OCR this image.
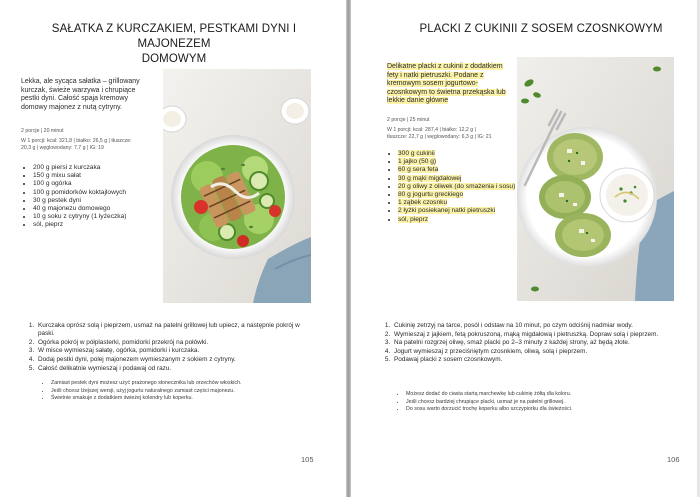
SAŁATKA Z KURCZAKIEM, PESTKAMI DYNI I MAJONEZEM
DOMOWYM
Lekka, ale sycąca sałatka – grillowany kurczak, świeże warzywa i chrupiące pestki dyni. Całość spaja kremowy domowy majonez z nutą cytryny.
2 porcje | 20 minut
W 1 porcji: kcal: 321,8 | białko: 26,5 g | tłuszcze:
20,3 g | węglowodany: 7,7 g | IG: 19
• 200 g piersi z kurczaka
• 150 g mixu sałat
• 100 g ogórka
• 100 g pomidorków koktajlowych
• 30 g pestek dyni
• 40 g majonezu domowego
• 10 g soku z cytryny (1 łyżeczka)
• sól, pieprz
1. Kurczaka oprósz solą i pieprzem, usmaż na patelni grillowej lub upiecz, a następnie pokrój w paski.
2. Ogórka pokrój w półplasterki, pomidorki przekrój na połówki.
3. W misce wymieszaj sałatę, ogórka, pomidorki i kurczaka.
4. Dodaj pestki dyni, polej majonezem wymieszanym z sokiem z cytryny.
5. Całość delikatnie wymieszaj i podawaj od razu.
• Zamiast pestek dyni możesz użyć prażonego słonecznika lub orzechów włoskich.
• Jeśli chcesz lżejszej wersji, użyj jogurtu naturalnego zamiast części majonezu.
• Świetnie smakuje z dodatkiem świeżej kolendry lub koperku.
105
PLACKI Z CUKINII Z SOSEM CZOSNKOWYM
Delikatne placki z cukinii z dodatkiem fety i natki pietruszki. Podane z kremowym sosem jogurtowo-czosnkowym to świetna przekąska lub lekkie danie główne
2 porcje | 25 minut
W 1 porcji: kcal: 287,4 | białko: 12,2 g |
tłuszcze: 22,7 g | węglowodany: 6,3 g | IG: 21
• 300 g cukinii
• 1 jajko (50 g)
• 60 g sera feta
• 30 g mąki migdałowej
• 20 g oliwy z oliwek (do smażenia i sosu)
• 80 g jogurtu greckiego
• 1 ząbek czosnku
• 2 łyżki posiekanej natki pietruszki
• sól, pieprz
1. Cukinię zetrzyj na tarce, posól i odstaw na 10 minut, po czym odciśnij nadmiar wody.
2. Wymieszaj z jajkiem, fetą pokruszoną, mąką migdałową i pietruszką. Dopraw solą i pieprzem.
3. Na patelni rozgrzej oliwę, smaż placki po 2–3 minuty z każdej strony, aż będą złote.
4. Jogurt wymieszaj z przeciśniętym czosnkiem, oliwą, solą i pieprzem.
5. Podawaj placki z sosem czosnkowym.
• Możesz dodać do ciasta startą marchewkę lub cukinię żółtą dla koloru.
• Jeśli chcesz bardziej chrupiące placki, usmaż je na patelni grillowej.
• Do sosu warto dorzucić trochę koperku albo szczypiorku dla świeżości.
106
